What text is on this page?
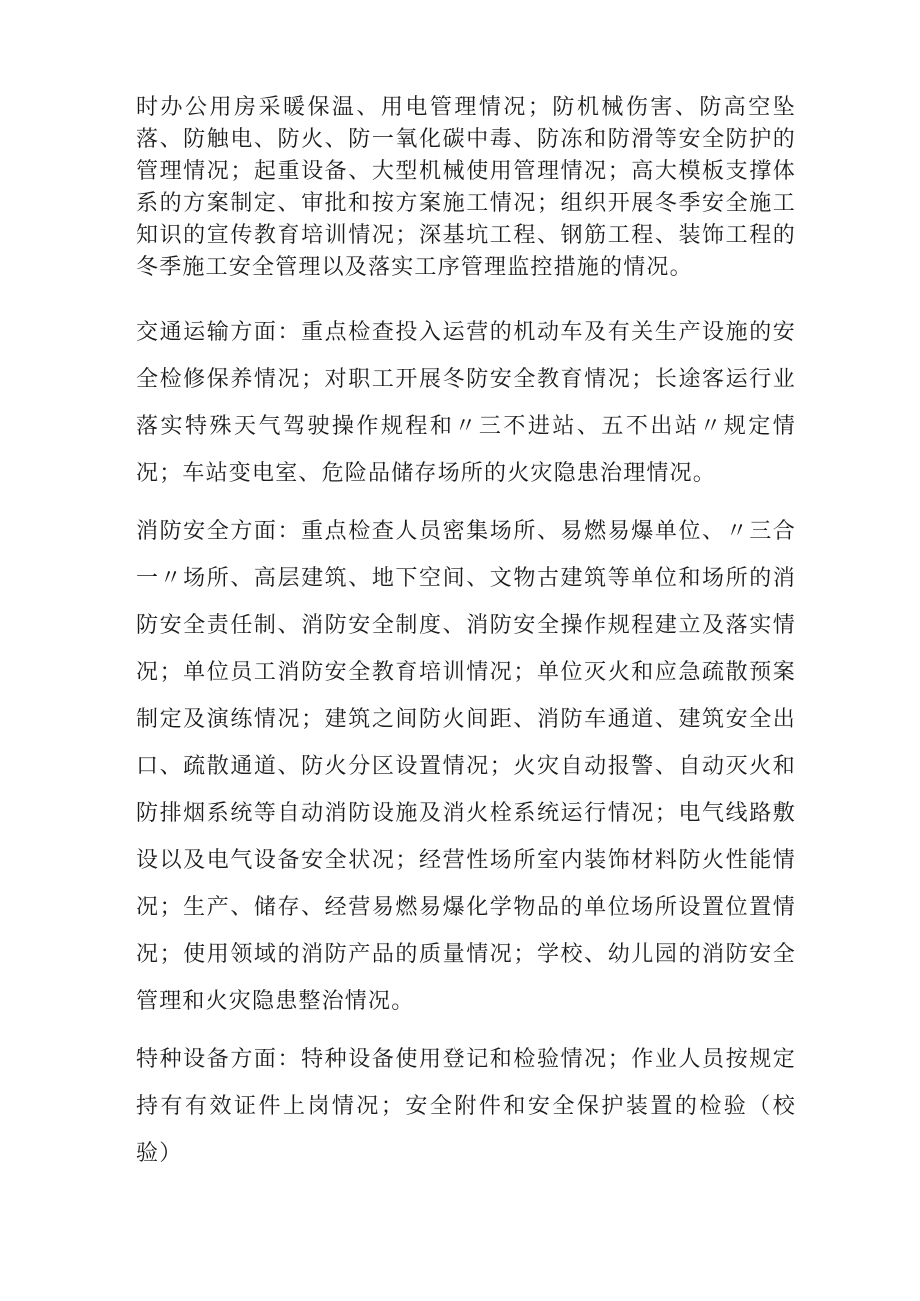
时办公用房采暖保温、用电管理情况；防机械伤害、防高空坠落、防触电、防火、防一氧化碳中毒、防冻和防滑等安全防护的管理情况；起重设备、大型机械使用管理情况；高大模板支撑体系的方案制定、审批和按方案施工情况；组织开展冬季安全施工知识的宣传教育培训情况；深基坑工程、钢筋工程、装饰工程的冬季施工安全管理以及落实工序管理监控措施的情况。

交通运输方面：重点检查投入运营的机动车及有关生产设施的安全检修保养情况；对职工开展冬防安全教育情况；长途客运行业落实特殊天气驾驶操作规程和〃三不进站、五不出站〃规定情况；车站变电室、危险品储存场所的火灾隐患治理情况。

消防安全方面：重点检查人员密集场所、易燃易爆单位、〃三合一〃场所、高层建筑、地下空间、文物古建筑等单位和场所的消防安全责任制、消防安全制度、消防安全操作规程建立及落实情况；单位员工消防安全教育培训情况；单位灭火和应急疏散预案制定及演练情况；建筑之间防火间距、消防车通道、建筑安全出口、疏散通道、防火分区设置情况；火灾自动报警、自动灭火和防排烟系统等自动消防设施及消火栓系统运行情况；电气线路敷设以及电气设备安全状况；经营性场所室内装饰材料防火性能情况；生产、储存、经营易燃易爆化学物品的单位场所设置位置情况；使用领域的消防产品的质量情况；学校、幼儿园的消防安全管理和火灾隐患整治情况。

特种设备方面：特种设备使用登记和检验情况；作业人员按规定持有有效证件上岗情况；安全附件和安全保护装置的检验（校验）
